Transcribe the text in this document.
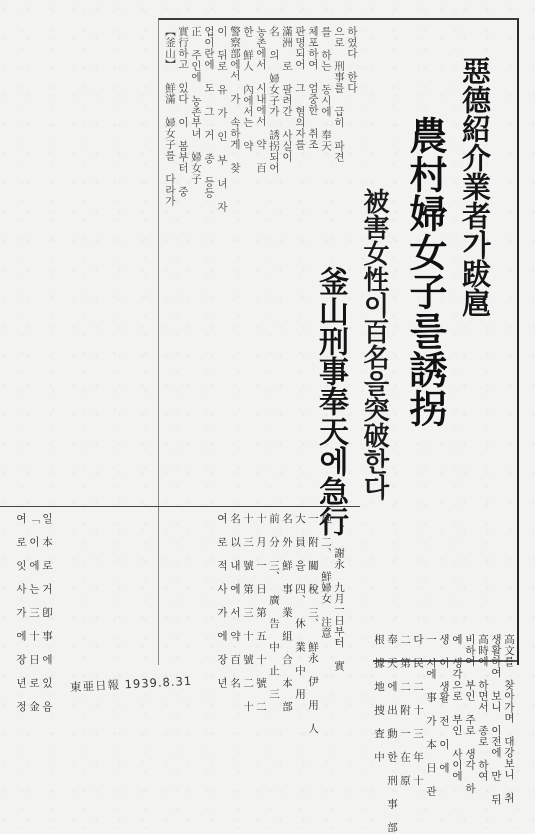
惡德紹介業者가跋扈
農村婦女子를誘拐
被害女性이百名을突破한다
釜山刑事奉天에急行
【釜山】 鮮滿 婦女子를 다라가 實行하고 있다 이 봄부터 중 正 주인에 농촌부녀 婦女子 업이란에 도 그 거 종 등등 이 뒤로 유 가 인 부 녀 자 警察部에서 가 속하게 찾 한 鮮人 內에서는 약 농촌에서 시내에서 약 百 名 의 婦女子가 誘拐되어 滿洲 로 팔려간 사실이 판명되어 그 혐의자를 체포하여 엄중한 취조 를 하는 동시에 奉天 으로 刑事를 급히 파견 하였다 한다
高文를 찾아가며 대강보니 취
생활하여 보니 이전에 만 뒤
高時에 하면서 종로 하여
비하여 부인 주로 생각 하
예 생각으로 부인 사이에
생 이 생활 전 이 에
一 시에 事 가 本 日 관
다 民 二 十 三 年 十
二 第 二 附 一 在 原
奉 天 에 出 動 한 刑 事 部
根 據 地 捜 査 中
一、 謝永 九月一日부터 實
施 二、 鮮婦女 注意
一 附 關 稅 三、 鮮永 伊 用 人
大 員 을 四、 休 業 中 用
名 外 鮮 事 業 組 合 本 部
前 分 三、 廣 告 中 止 三
十 月 一 日 第 五 十 號 二
十 三 號 第 三 十 號 二 十
名 以 내 에 서 약 百 名
여 로 적 사 가 에 장 년
일 本 로 거 卽 事 에 있 음
「 이 에 는 三 十 日 로 金
여 로 잇 사 가 에 장 년 정	東亜日報 1939.8.31
